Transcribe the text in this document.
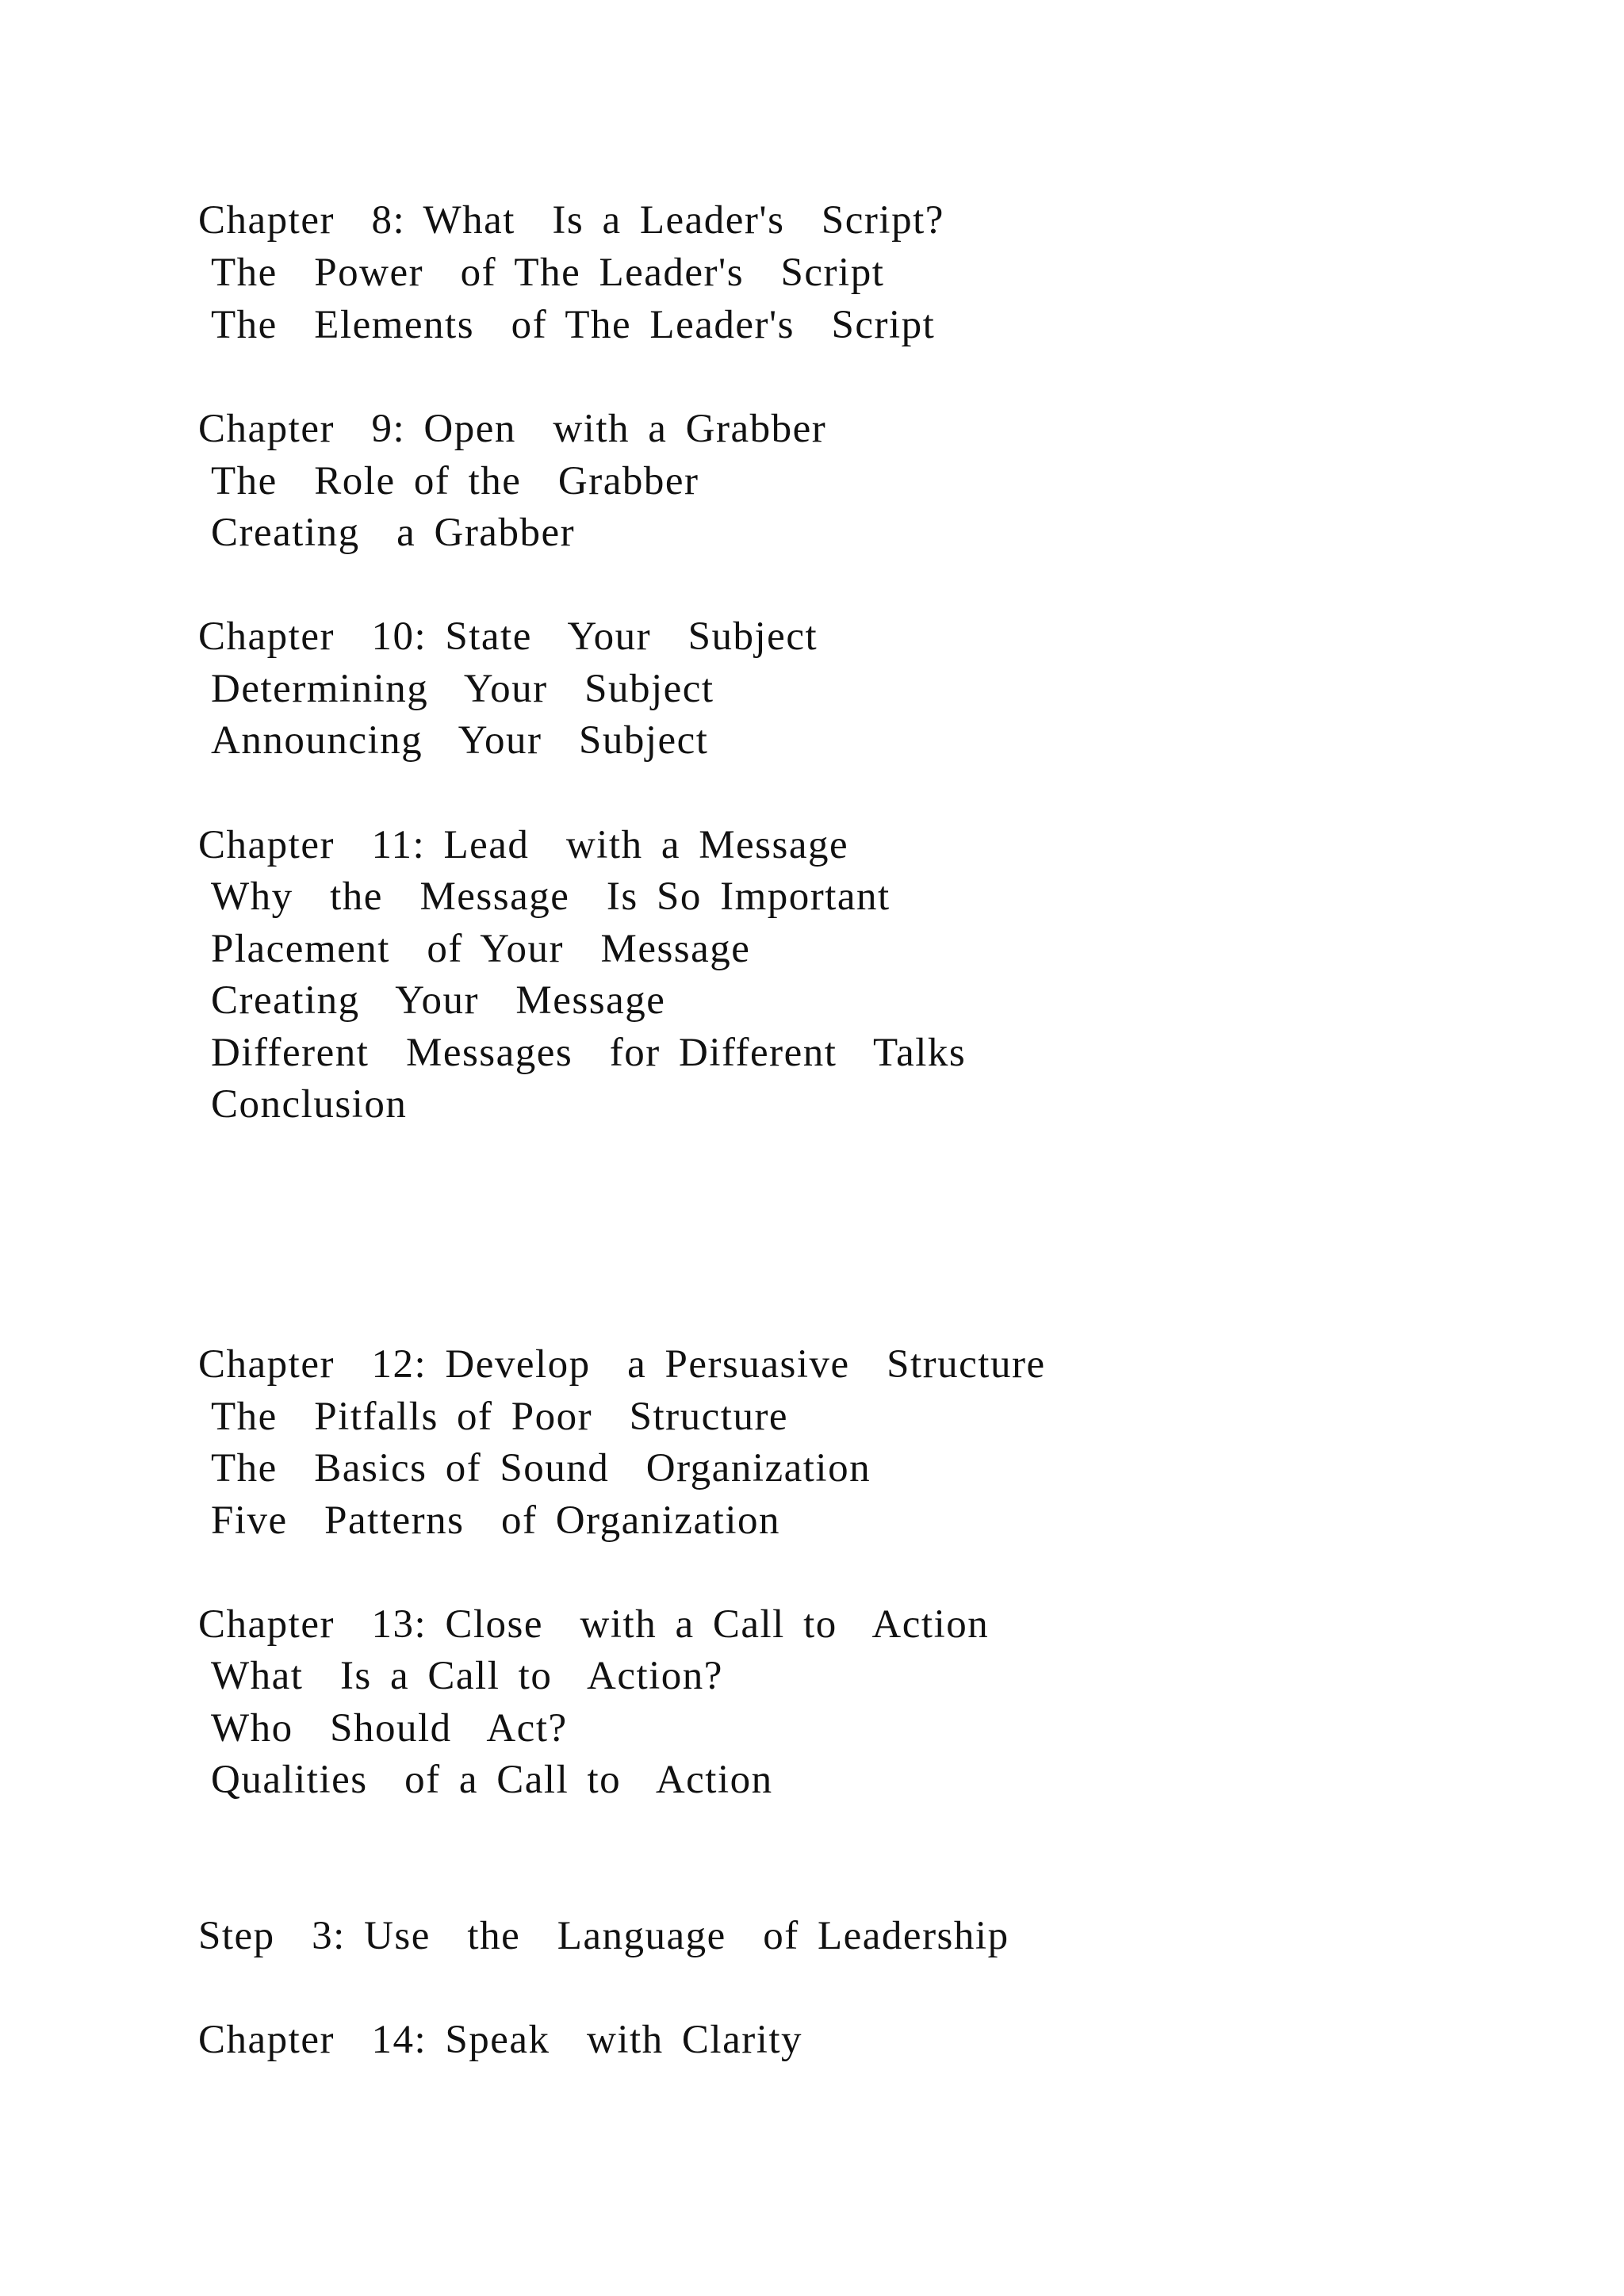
Chapter  8: What  Is a Leader's  Script?
The  Power  of The Leader's  Script
The  Elements  of The Leader's  Script
Chapter  9: Open  with a Grabber
The  Role of the  Grabber
Creating  a Grabber
Chapter  10: State  Your  Subject
Determining  Your  Subject
Announcing  Your  Subject
Chapter  11: Lead  with a Message
Why  the  Message  Is So Important
Placement  of Your  Message
Creating  Your  Message
Different  Messages  for Different  Talks
Conclusion
Chapter  12: Develop  a Persuasive  Structure
The  Pitfalls of Poor  Structure
The  Basics of Sound  Organization
Five  Patterns  of Organization
Chapter  13: Close  with a Call to  Action
What  Is a Call to  Action?
Who  Should  Act?
Qualities  of a Call to  Action
Step  3: Use  the  Language  of Leadership
Chapter  14: Speak  with Clarity
